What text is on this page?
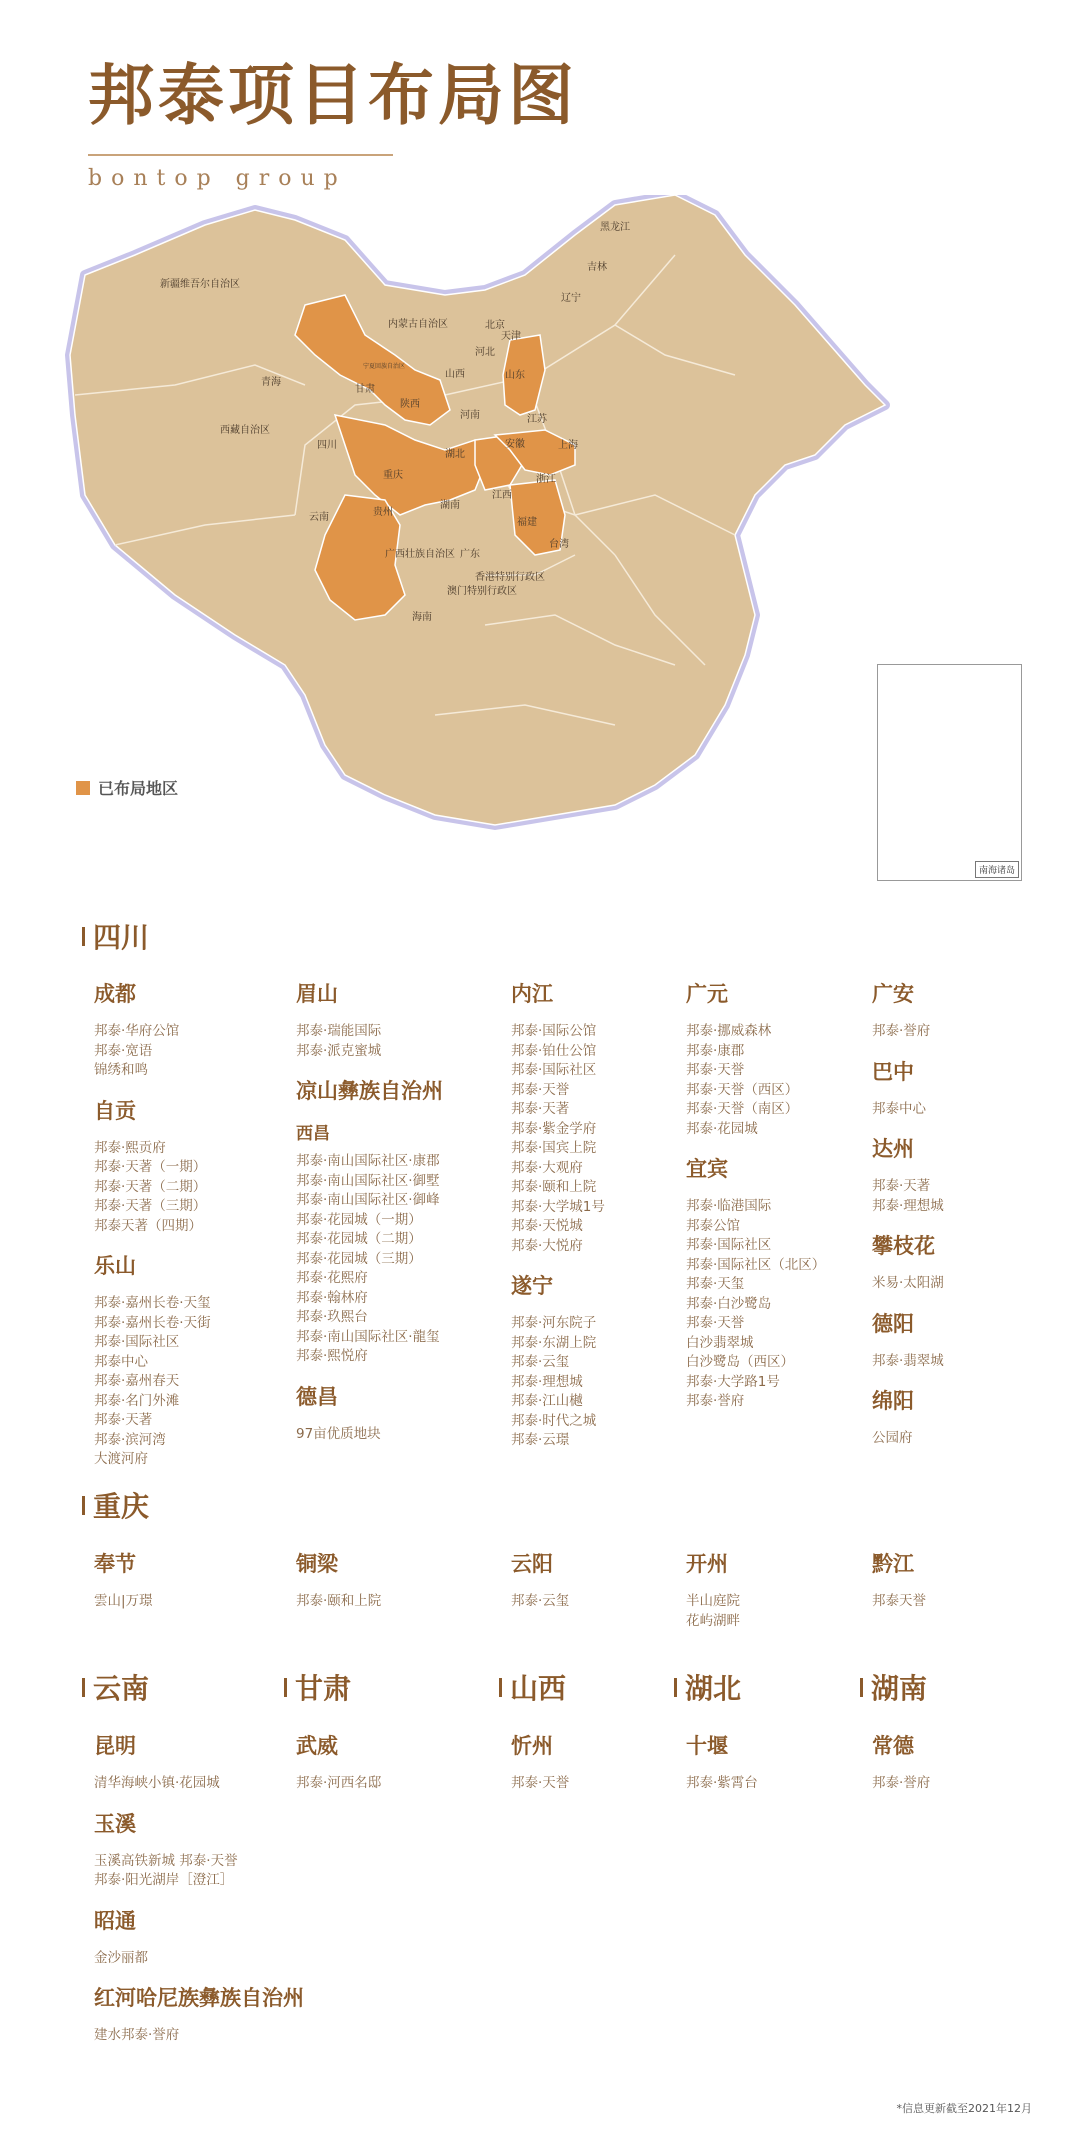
邦泰项目布局图
bontop group
新疆维吾尔自治区
西藏自治区
青海
甘肃
内蒙古自治区
宁夏回族自治区
四川
云南	贵州
重庆
陕西
山西
河北
北京
天津
辽宁
吉林
黑龙江
山东
河南
湖北
湖南
江苏
安徽	上海
浙江
江西
福建
台湾
广东
广西壮族自治区
香港特别行政区
澳门特别行政区
海南
南海诸岛
已布局地区
四川
成都
邦泰·华府公馆
邦泰·宽语
锦绣和鸣
自贡
邦泰·熙贡府
邦泰·天著（一期）
邦泰·天著（二期）
邦泰·天著（三期）
邦泰天著（四期）
乐山
邦泰·嘉州长卷·天玺
邦泰·嘉州长卷·天街
邦泰·国际社区
邦泰中心
邦泰·嘉州春天
邦泰·名门外滩
邦泰·天著
邦泰·滨河湾
大渡河府
眉山
邦泰·瑞能国际
邦泰·派克蜜城
凉山彝族自治州
西昌
邦泰·南山国际社区·康郡
邦泰·南山国际社区·御墅
邦泰·南山国际社区·御峰
邦泰·花园城（一期）
邦泰·花园城（二期）
邦泰·花园城（三期）
邦泰·花熙府
邦泰·翰林府
邦泰·玖熙台
邦泰·南山国际社区·龍玺
邦泰·熙悦府
德昌
97亩优质地块
内江
邦泰·国际公馆
邦泰·铂仕公馆
邦泰·国际社区
邦泰·天誉
邦泰·天著
邦泰·紫金学府
邦泰·国宾上院
邦泰·大观府
邦泰·颐和上院
邦泰·大学城1号
邦泰·天悦城
邦泰·大悦府
遂宁
邦泰·河东院子
邦泰·东湖上院
邦泰·云玺
邦泰·理想城
邦泰·江山樾
邦泰·时代之城
邦泰·云璟
广元
邦泰·挪威森林
邦泰·康郡
邦泰·天誉
邦泰·天誉（西区）
邦泰·天誉（南区）
邦泰·花园城
宜宾
邦泰·临港国际
邦泰公馆
邦泰·国际社区
邦泰·国际社区（北区）
邦泰·天玺
邦泰·白沙鹭岛
邦泰·天誉
白沙翡翠城
白沙鹭岛（西区）
邦泰·大学路1号
邦泰·誉府
广安
邦泰·誉府
巴中
邦泰中心
达州
邦泰·天著
邦泰·理想城
攀枝花
米易·太阳湖
德阳
邦泰·翡翠城
绵阳
公园府
重庆
奉节
雲山|万璟
铜梁
邦泰·颐和上院
云阳
邦泰·云玺
开州
半山庭院
花屿湖畔
黔江
邦泰天誉
云南
昆明
清华海峡小镇·花园城
玉溪
玉溪高铁新城 邦泰·天誉
邦泰·阳光湖岸［澄江］
昭通
金沙丽都
红河哈尼族彝族自治州
建水邦泰·誉府
甘肃
武威
邦泰·河西名邸
山西
忻州
邦泰·天誉
湖北
十堰
邦泰·紫霄台
湖南
常德
邦泰·誉府
*信息更新截至2021年12月
